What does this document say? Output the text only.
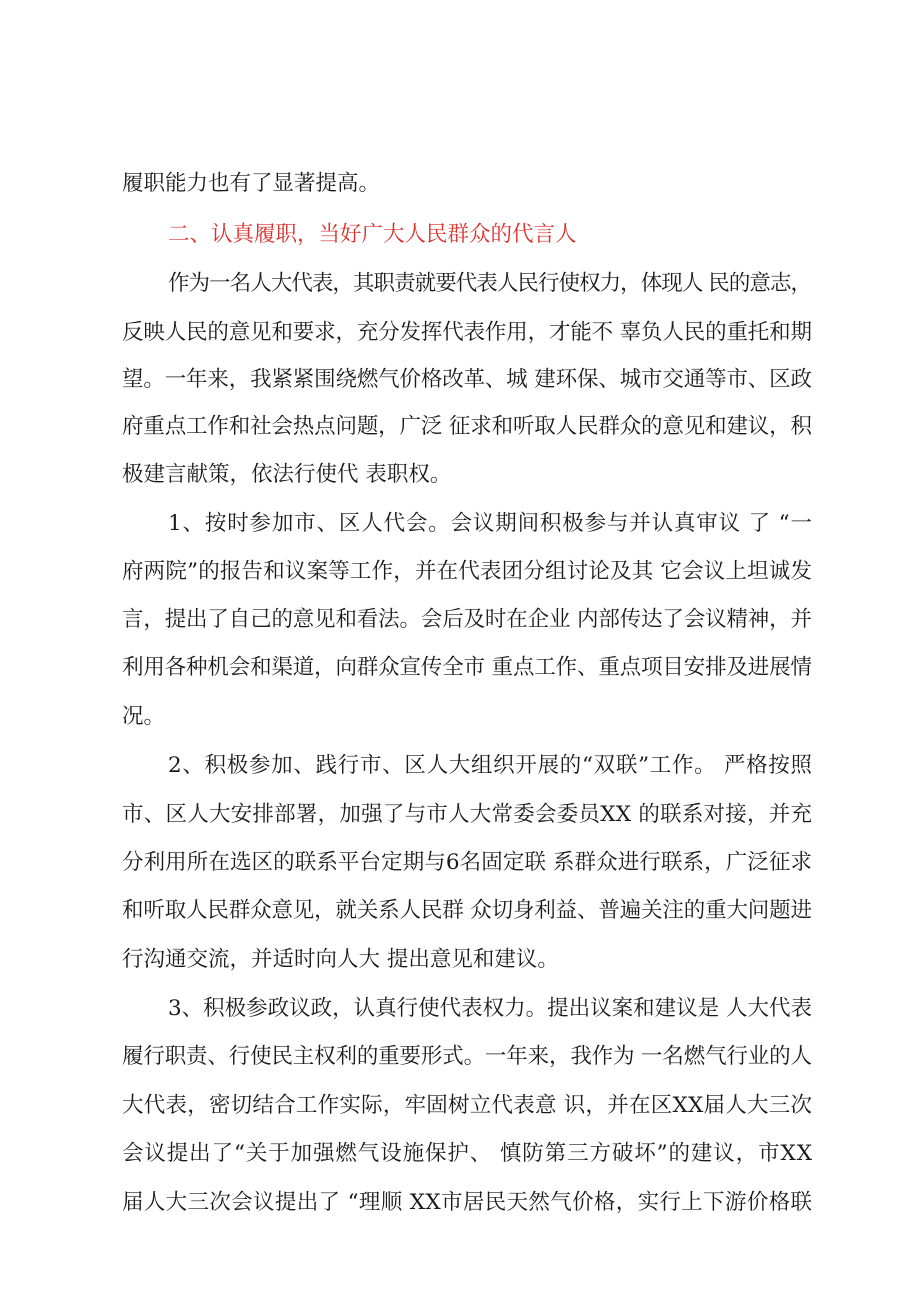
履职能力也有了显著提高。
二、认真履职，当好广大人民群众的代言人
作为一名人大代表，其职责就要代表人民行使权力，体现人 民的意志，
反映人民的意见和要求，充分发挥代表作用，才能不 辜负人民的重托和期
望。一年来，我紧紧围绕燃气价格改革、城 建环保、城市交通等市、区政
府重点工作和社会热点问题，广泛 征求和听取人民群众的意见和建议，积
极建言献策，依法行使代 表职权。
1、按时参加市、区人代会。会议期间积极参与并认真审议 了 “一
府两院”的报告和议案等工作，并在代表团分组讨论及其 它会议上坦诚发
言，提出了自己的意见和看法。会后及时在企业 内部传达了会议精神，并
利用各种机会和渠道，向群众宣传全市 重点工作、重点项目安排及进展情
况。
2、积极参加、践行市、区人大组织开展的“双联”工作。 严格按照
市、区人大安排部署，加强了与市人大常委会委员XX 的联系对接，并充
分利用所在选区的联系平台定期与6名固定联 系群众进行联系，广泛征求
和听取人民群众意见，就关系人民群 众切身利益、普遍关注的重大问题进
行沟通交流，并适时向人大 提出意见和建议。
3、积极参政议政，认真行使代表权力。提出议案和建议是 人大代表
履行职责、行使民主权利的重要形式。一年来，我作为 一名燃气行业的人
大代表，密切结合工作实际，牢固树立代表意 识，并在区XX届人大三次
会议提出了“关于加强燃气设施保护、 慎防第三方破坏”的建议，市XX
届人大三次会议提出了 “理顺 XX市居民天然气价格，实行上下游价格联
